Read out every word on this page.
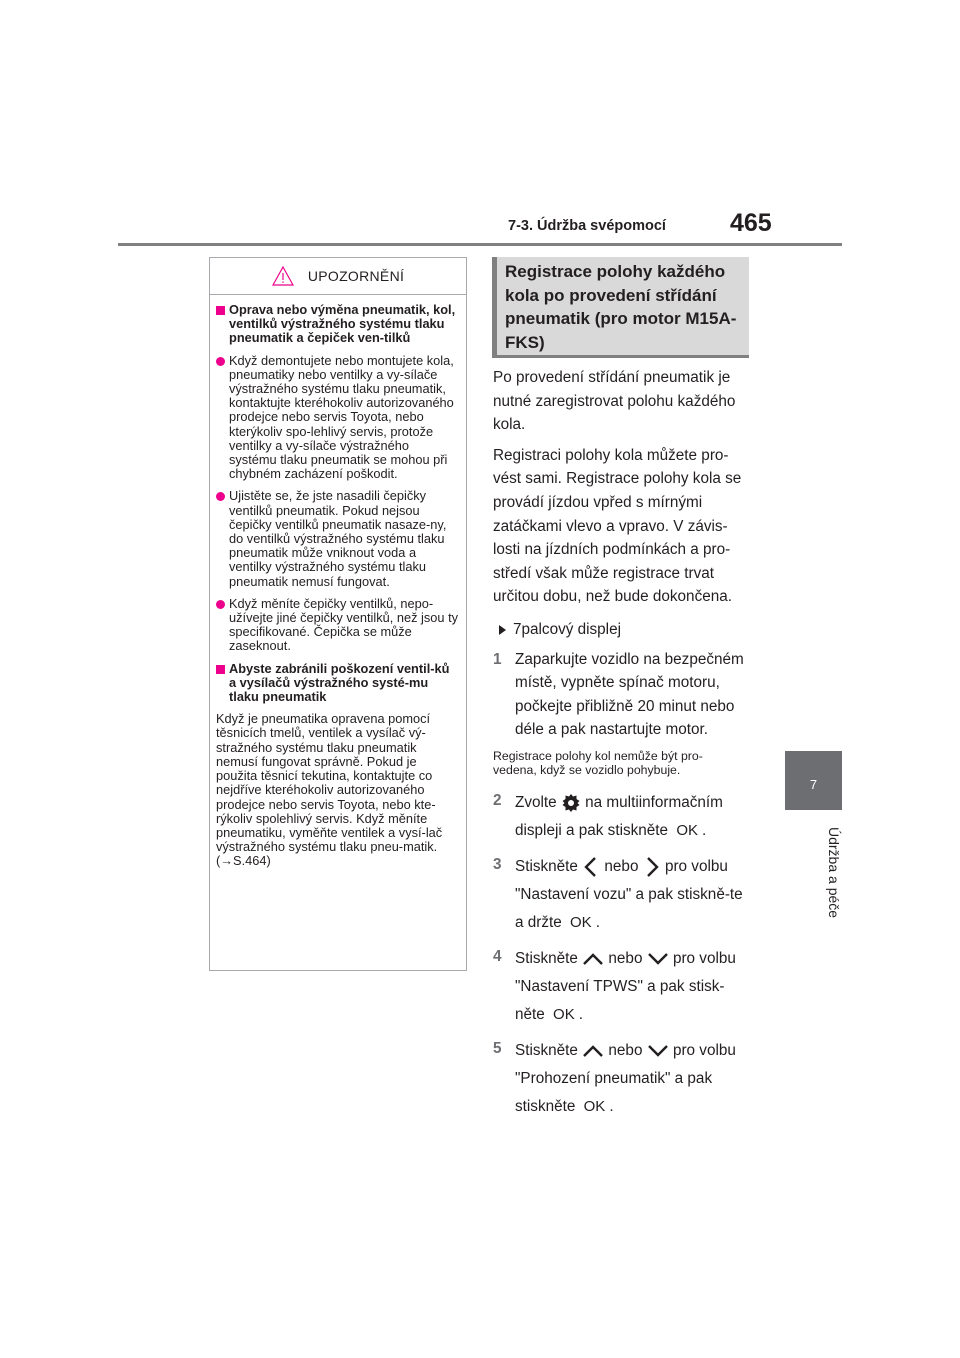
7-3. Údržba svépomocí	465
7
Údržba a péče
UPOZORNĚNÍ
Oprava nebo výměna pneumatik, kol, ventilků výstražného systému tlaku pneumatik a čepiček ven-tilků
Když demontujete nebo montujete kola, pneumatiky nebo ventilky a vy-sílače výstražného systému tlaku pneumatik, kontaktujte kteréhokoliv autorizovaného prodejce nebo servis Toyota, nebo kterýkoliv spo-lehlivý servis, protože ventilky a vy-sílače výstražného systému tlaku pneumatik se mohou při chybném zacházení poškodit.
Ujistěte se, že jste nasadili čepičky ventilků pneumatik. Pokud nejsou čepičky ventilků pneumatik nasaze-ny, do ventilků výstražného systému tlaku pneumatik může vniknout voda a ventilky výstražného systému tlaku pneumatik nemusí fungovat.
Když měníte čepičky ventilků, nepo-užívejte jiné čepičky ventilků, než jsou ty specifikované. Čepička se může zaseknout.
Abyste zabránili poškození ventil-ků a vysílačů výstražného systé-mu tlaku pneumatik
Když je pneumatika opravena pomocí těsnicích tmelů, ventilek a vysílač vý-stražného systému tlaku pneumatik nemusí fungovat správně. Pokud je použita těsnicí tekutina, kontaktujte co nejdříve kteréhokoliv autorizovaného prodejce nebo servis Toyota, nebo kte-rýkoliv spolehlivý servis. Když měníte pneumatiku, vyměňte ventilek a vysí-lač výstražného systému tlaku pneu-matik. (→S.464)
Registrace polohy každého kola po provedení střídání pneumatik (pro motor M15A-FKS)

Po provedení střídání pneumatik je nutné zaregistrovat polohu každého kola.

Registraci polohy kola můžete pro-vést sami. Registrace polohy kola se provádí jízdou vpřed s mírnými zatáčkami vlevo a vpravo. V závis-losti na jízdních podmínkách a pro-středí však může registrace trvat určitou dobu, než bude dokončena.

7palcový displej
1 Zaparkujte vozidlo na bezpečném místě, vypněte spínač motoru, počkejte přibližně 20 minut nebo déle a pak nastartujte motor.
Registrace polohy kol nemůže být pro-vedena, když se vozidlo pohybuje.
2 Zvolte na multiinformačním displeji a pak stiskněte OK .
3 Stiskněte nebo pro volbu "Nastavení vozu" a pak stiskně-te a držte OK .
4 Stiskněte nebo pro volbu "Nastavení TPWS" a pak stisk-něte OK .
5 Stiskněte nebo pro volbu "Prohození pneumatik" a pak stiskněte OK .
